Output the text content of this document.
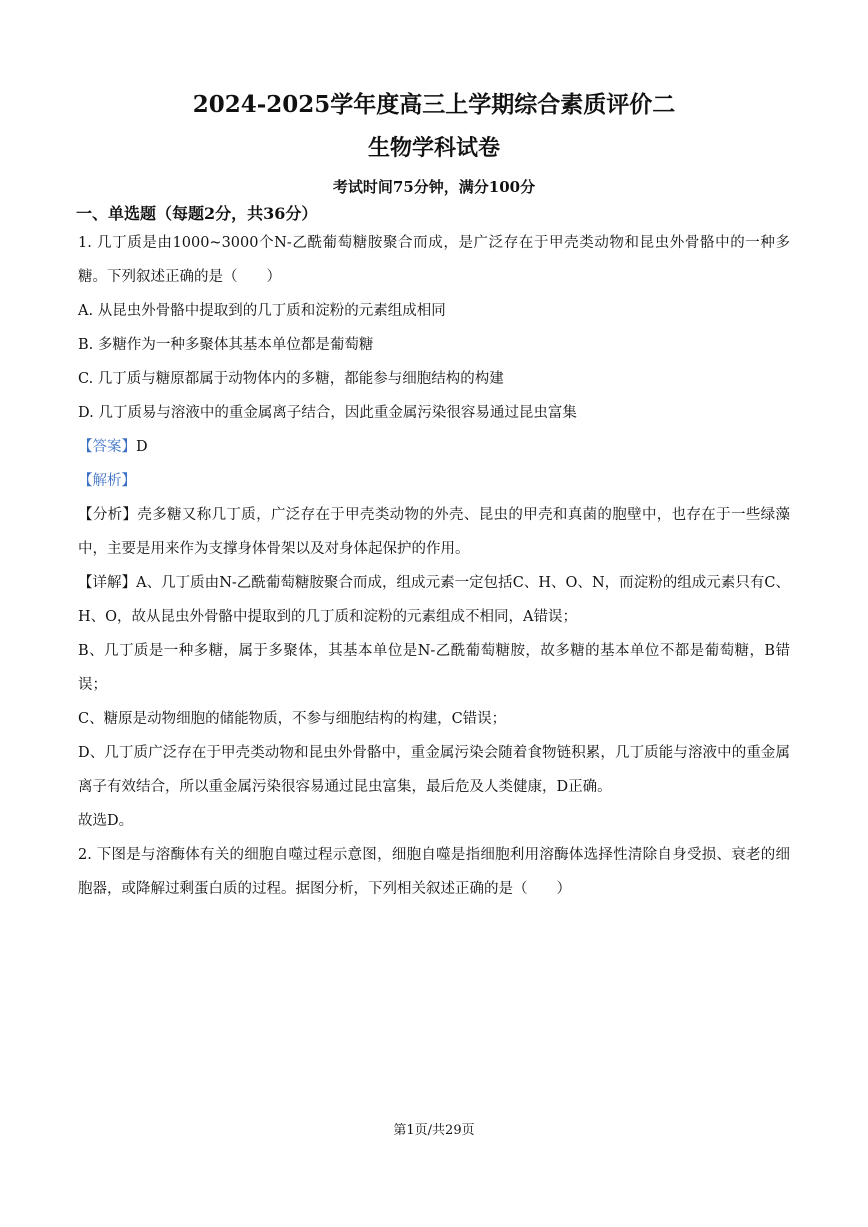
2024-2025学年度高三上学期综合素质评价二
生物学科试卷

考试时间75分钟，满分100分

一、单选题（每题2分，共36分）

1. 几丁质是由1000~3000个N-乙酰葡萄糖胺聚合而成，是广泛存在于甲壳类动物和昆虫外骨骼中的一种多糖。下列叙述正确的是（　　）

A. 从昆虫外骨骼中提取到的几丁质和淀粉的元素组成相同

B. 多糖作为一种多聚体其基本单位都是葡萄糖

C. 几丁质与糖原都属于动物体内的多糖，都能参与细胞结构的构建

D. 几丁质易与溶液中的重金属离子结合，因此重金属污染很容易通过昆虫富集

【答案】D

【解析】

【分析】壳多糖又称几丁质，广泛存在于甲壳类动物的外壳、昆虫的甲壳和真菌的胞壁中，也存在于一些绿藻中，主要是用来作为支撑身体骨架以及对身体起保护的作用。

【详解】A、几丁质由N-乙酰葡萄糖胺聚合而成，组成元素一定包括C、H、O、N，而淀粉的组成元素只有C、H、O，故从昆虫外骨骼中提取到的几丁质和淀粉的元素组成不相同，A错误；

B、几丁质是一种多糖，属于多聚体，其基本单位是N-乙酰葡萄糖胺，故多糖的基本单位不都是葡萄糖，B错误；

C、糖原是动物细胞的储能物质，不参与细胞结构的构建，C错误；

D、几丁质广泛存在于甲壳类动物和昆虫外骨骼中，重金属污染会随着食物链积累，几丁质能与溶液中的重金属离子有效结合，所以重金属污染很容易通过昆虫富集，最后危及人类健康，D正确。

故选D。

2. 下图是与溶酶体有关的细胞自噬过程示意图，细胞自噬是指细胞利用溶酶体选择性清除自身受损、衰老的细胞器，或降解过剩蛋白质的过程。据图分析，下列相关叙述正确的是（　　）

第1页/共29页
